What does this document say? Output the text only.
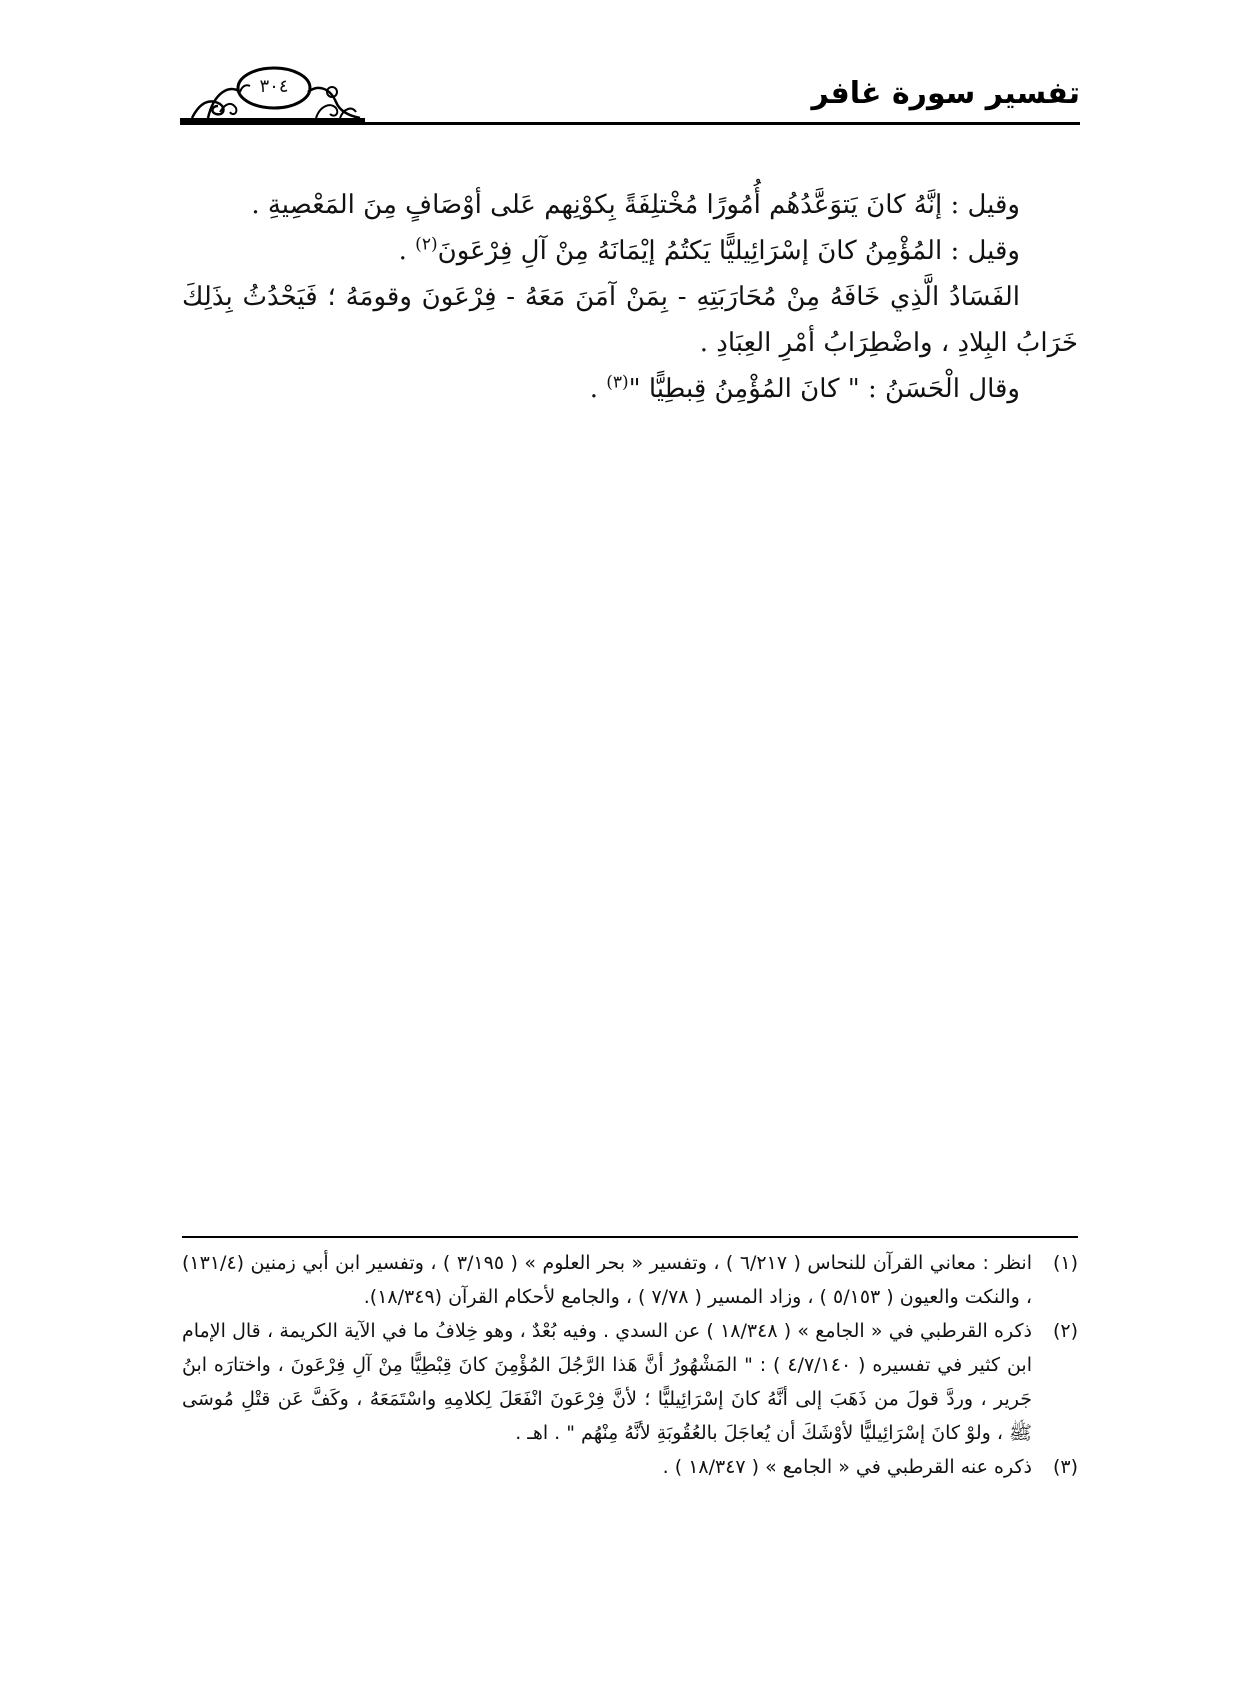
تفسير سورة غافر
٣٠٤

وقيل : إنَّهُ كانَ يَتوَعَّدُهُم أُمُورًا مُخْتلِفَةً بِكوْنِهم عَلى أوْصَافٍ مِنَ المَعْصِيةِ .

وقيل : المُؤْمِنُ كانَ إسْرَائِيليًّا يَكتُمُ إيْمَانَهُ مِنْ آلِ فِرْعَونَ$^{(٢)}$ .

الفَسَادُ الَّذِي خَافَهُ مِنْ مُحَارَبَتِهِ - بِمَنْ آمَنَ مَعَهُ - فِرْعَونَ وقومَهُ ؛ فَيَحْدُثُ بِذَلِكَ خَرَابُ البِلادِ ، واضْطِرَابُ أمْرِ العِبَادِ .

وقال الْحَسَنُ : " كانَ المُؤْمِنُ قِبطِيًّا "$^{(٣)}$ .

(١)
انظر : معاني القرآن للنحاس ( ٦/٢١٧ ) ، وتفسير « بحر العلوم » ( ٣/١٩٥ ) ، وتفسير ابن أبي زمنين (١٣١/٤) ، والنكت والعيون ( ٥/١٥٣ ) ، وزاد المسير ( ٧/٧٨ ) ، والجامع لأحكام القرآن (١٨/٣٤٩).

(٢)
ذكره القرطبي في « الجامع » ( ١٨/٣٤٨ ) عن السدي . وفيه بُعْدٌ ، وهو خِلافُ ما في الآية الكريمة ، قال الإمام ابن كثير في تفسيره ( ٤/٧/١٤٠ ) : " المَشْهُورُ أنَّ هَذا الرَّجُلَ المُؤْمِنَ كانَ قِبْطِيًّا مِنْ آلِ فِرْعَونَ ، واختارَه ابنُ جَرير ، وردَّ قولَ من ذَهَبَ إلى أنَّهُ كانَ إسْرَائِيليًّا ؛ لأنَّ فِرْعَونَ انْفَعَلَ لِكلامِهِ واسْتَمَعَهُ ، وكَفَّ عَن قتْلِ مُوسَى ﷺ ، ولوْ كانَ إسْرَائِيليًّا لأوْشَكَ أن يُعاجَلَ بالعُقُوبَةِ لأنَّهُ مِنْهُم " . اهـ .

(٣)
ذكره عنه القرطبي في « الجامع » ( ١٨/٣٤٧ ) .
